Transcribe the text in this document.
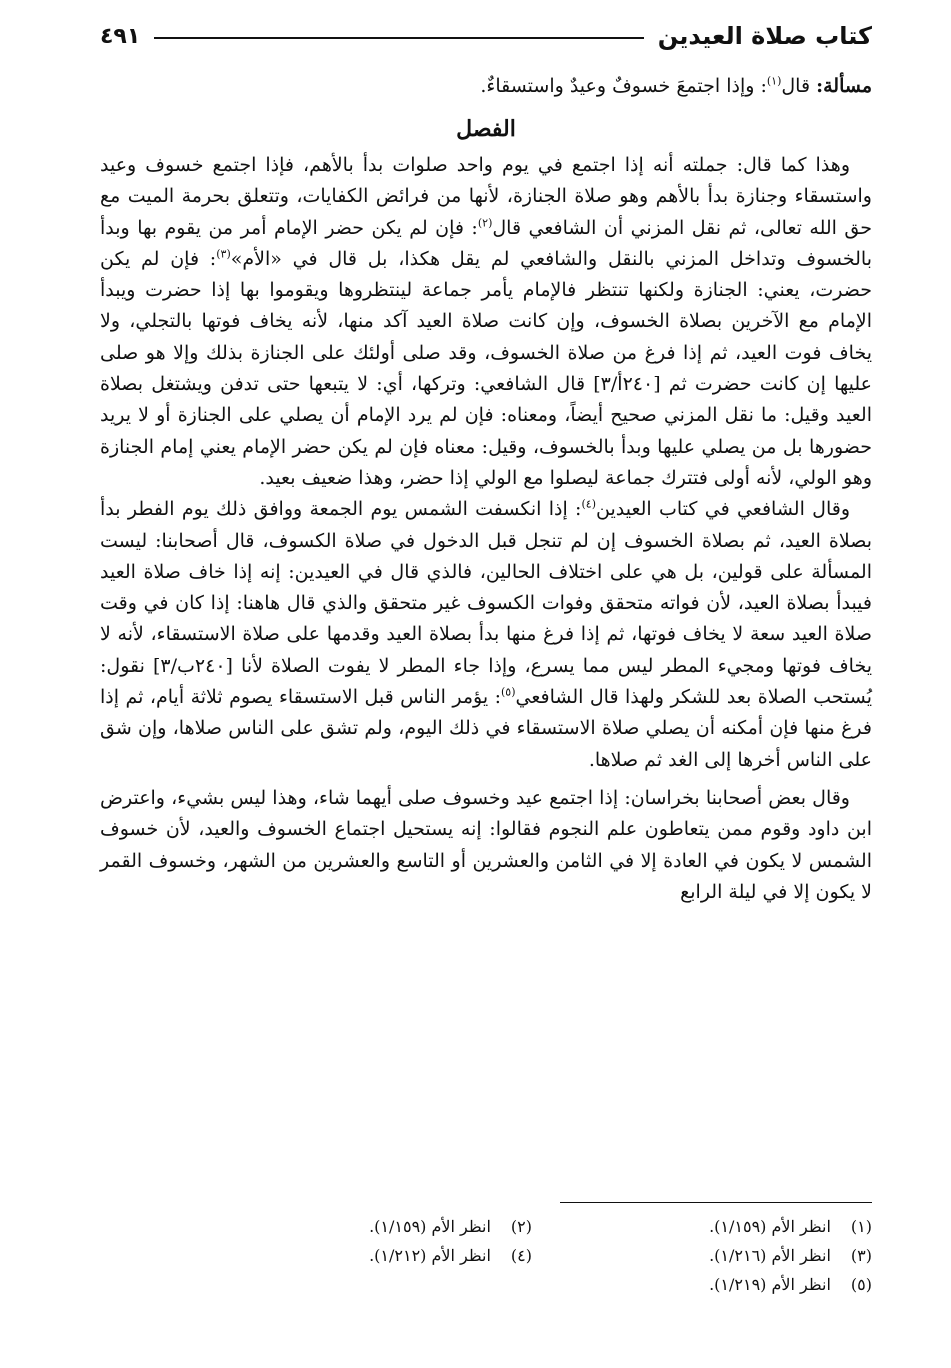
كتاب صلاة العيدين
٤٩١
مسألة: قال$^{(١)}$: وإذا اجتمعَ خسوفٌ وعيدٌ واستسقاءٌ.
الفصل

وهذا كما قال: جملته أنه إذا اجتمع في يوم واحد صلوات بدأ بالأهم، فإذا اجتمع خسوف وعيد واستسقاء وجنازة بدأ بالأهم وهو صلاة الجنازة، لأنها من فرائض الكفايات، وتتعلق بحرمة الميت مع حق الله تعالى، ثم نقل المزني أن الشافعي قال$^{(٢)}$: فإن لم يكن حضر الإمام أمر من يقوم بها وبدأ بالخسوف وتداخل المزني بالنقل والشافعي لم يقل هكذا، بل قال في «الأم»$^{(٣)}$: فإن لم يكن حضرت، يعني: الجنازة ولكنها تنتظر فالإمام يأمر جماعة لينتظروها ويقوموا بها إذا حضرت ويبدأ الإمام مع الآخرين بصلاة الخسوف، وإن كانت صلاة العيد آكد منها، لأنه يخاف فوتها بالتجلي، ولا يخاف فوت العيد، ثم إذا فرغ من صلاة الخسوف، وقد صلى أولئك على الجنازة بذلك وإلا هو صلى عليها إن كانت حضرت ثم [٢٤٠أ/٣] قال الشافعي: وتركها، أي: لا يتبعها حتى تدفن ويشتغل بصلاة العيد وقيل: ما نقل المزني صحيح أيضاً، ومعناه: فإن لم يرد الإمام أن يصلي على الجنازة أو لا يريد حضورها بل من يصلي عليها وبدأ بالخسوف، وقيل: معناه فإن لم يكن حضر الإمام يعني إمام الجنازة وهو الولي، لأنه أولى فتترك جماعة ليصلوا مع الولي إذا حضر، وهذا ضعيف بعيد.

وقال الشافعي في كتاب العيدين$^{(٤)}$: إذا انكسفت الشمس يوم الجمعة ووافق ذلك يوم الفطر بدأ بصلاة العيد، ثم بصلاة الخسوف إن لم تنجل قبل الدخول في صلاة الكسوف، قال أصحابنا: ليست المسألة على قولين، بل هي على اختلاف الحالين، فالذي قال في العيدين: إنه إذا خاف صلاة العيد فيبدأ بصلاة العيد، لأن فواته متحقق وفوات الكسوف غير متحقق والذي قال هاهنا: إذا كان في وقت صلاة العيد سعة لا يخاف فوتها، ثم إذا فرغ منها بدأ بصلاة العيد وقدمها على صلاة الاستسقاء، لأنه لا يخاف فوتها ومجيء المطر ليس مما يسرع، وإذا جاء المطر لا يفوت الصلاة لأنا [٢٤٠ب/٣] نقول: يُستحب الصلاة بعد للشكر ولهذا قال الشافعي$^{(٥)}$: يؤمر الناس قبل الاستسقاء يصوم ثلاثة أيام، ثم إذا فرغ منها فإن أمكنه أن يصلي صلاة الاستسقاء في ذلك اليوم، ولم تشق على الناس صلاها، وإن شق على الناس أخرها إلى الغد ثم صلاها.

وقال بعض أصحابنا بخراسان: إذا اجتمع عيد وخسوف صلى أيهما شاء، وهذا ليس بشيء، واعترض ابن داود وقوم ممن يتعاطون علم النجوم فقالوا: إنه يستحيل اجتماع الخسوف والعيد، لأن خسوف الشمس لا يكون في العادة إلا في الثامن والعشرين أو التاسع والعشرين من الشهر، وخسوف القمر لا يكون إلا في ليلة الرابع

(١) انظر الأم (١/١٥٩).
(٢) انظر الأم (١/١٥٩).
(٣) انظر الأم (١/٢١٦).
(٤) انظر الأم (١/٢١٢).
(٥) انظر الأم (١/٢١٩).
